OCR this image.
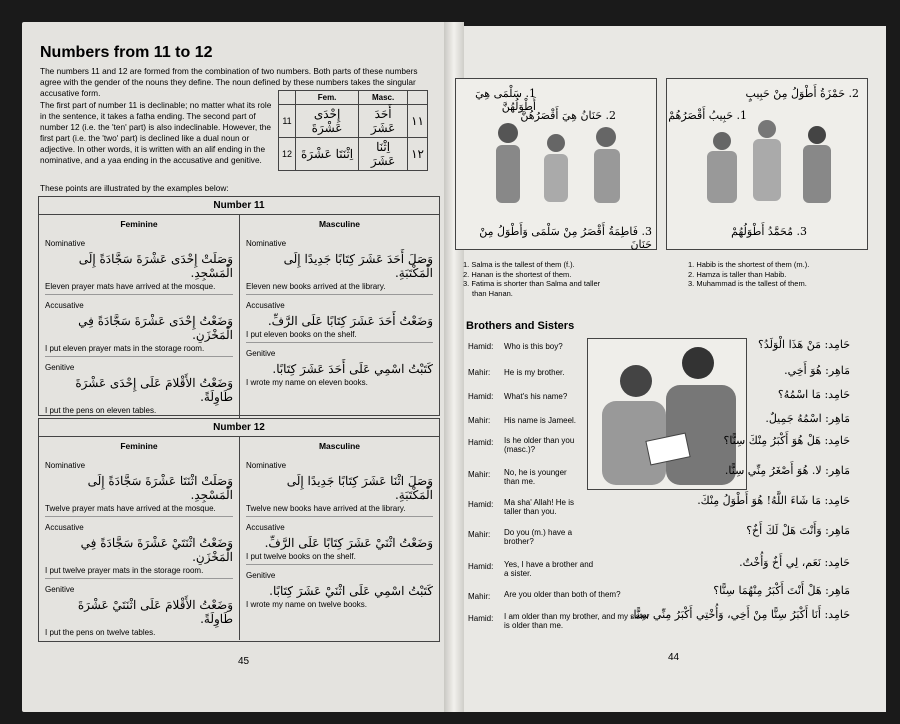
Numbers from 11 to 12
The numbers 11 and 12 are formed from the combination of two numbers. Both parts of these numbers agree with the gender of the nouns they define. The noun defined by these numbers takes the singular accusative form.
The first part of number 11 is declinable; no matter what its role in the sentence, it takes a fatha ending. The second part of number 12 (i.e. the 'ten' part) is also indeclinable. However, the first part (i.e. the 'two' part) is declined like a dual noun or adjective. In other words, it is written with an alif ending in the nominative, and a yaa ending in the accusative and genitive.
These points are illustrated by the examples below:
	Fem.	Masc.	
11	إِحْدَى عَشْرَةَ	أَحَدَ عَشَرَ	١١
12	اِثْنَتَا عَشْرَةَ	اِثْنَا عَشَرَ	١٢
Number 11
Feminine
Nominative
وَصَلَتْ إِحْدَى عَشْرَةَ سَجَّادَةً إِلَى الْمَسْجِدِ.
Eleven prayer mats have arrived at the mosque.
Accusative
وَضَعْتُ إِحْدَى عَشْرَةَ سَجَّادَةً فِي الْمَخْزَنِ.
I put eleven prayer mats in the storage room.
Genitive
وَضَعْتُ الأَقْلامَ عَلَى إِحْدَى عَشْرَةَ طَاوِلَةً.
I put the pens on eleven tables.
Masculine
Nominative
وَصَلَ أَحَدَ عَشَرَ كِتَابًا جَدِيدًا إِلَى الْمَكْتَبَةِ.
Eleven new books arrived at the library.
Accusative
وَضَعْتُ أَحَدَ عَشَرَ كِتَابًا عَلَى الرَّفِّ.
I put eleven books on the shelf.
Genitive
كَتَبْتُ اسْمِي عَلَى أَحَدَ عَشَرَ كِتَابًا.
I wrote my name on eleven books.
Number 12
Feminine
Nominative
وَصَلَتْ اثْنَتَا عَشْرَةَ سَجَّادَةً إِلَى الْمَسْجِدِ.
Twelve prayer mats have arrived at the mosque.
Accusative
وَضَعْتُ اثْنَتَيْ عَشْرَةَ سَجَّادَةً فِي الْمَخْزَنِ.
I put twelve prayer mats in the storage room.
Genitive
وَضَعْتُ الأَقْلامَ عَلَى اثْنَتَيْ عَشْرَةَ طَاوِلَةً.
I put the pens on twelve tables.
Masculine
Nominative
وَصَلَ اثْنَا عَشَرَ كِتَابًا جَدِيدًا إِلَى الْمَكْتَبَةِ.
Twelve new books have arrived at the library.
Accusative
وَضَعْتُ اثْنَيْ عَشَرَ كِتَابًا عَلَى الرَّفِّ.
I put twelve books on the shelf.
Genitive
كَتَبْتُ اسْمِي عَلَى اثْنَيْ عَشَرَ كِتَابًا.
I wrote my name on twelve books.
45
1. سَلْمَى هِيَ أَطْوَلُهُنَّ
2. حَنَانُ هِيَ أَقْصَرُهُنَّ
3. فَاطِمَةُ أَقْصَرُ مِنْ سَلْمَى وَأَطْوَلُ مِنْ حَنَانَ
2. حَمْزَةُ أَطْوَلُ مِنْ حَبِيبٍ
1. حَبِيبُ أَقْصَرُهُمْ
3. مُحَمَّدُ أَطْوَلُهُمْ
1. Salma is the tallest of them (f.).
2. Hanan is the shortest of them.
3. Fatima is shorter than Salma and taller
than Hanan.
1. Habib is the shortest of them (m.).
2. Hamza is taller than Habib.
3. Muhammad is the tallest of them.
Brothers and Sisters
Hamid: Who is this boy?	حَامِد: مَنْ هَذَا الْوَلَدُ؟
Mahir: He is my brother.	مَاهِر: هُوَ أَخِي.
Hamid: What's his name?	حَامِد: مَا اسْمُهُ؟
Mahir: His name is Jameel.	مَاهِر: اسْمُهُ جَمِيلٌ.
Hamid: Is he older than you (masc.)?
حَامِد: هَلْ هُوَ أَكْبَرُ مِنْكَ سِنًّا؟
Mahir: No, he is younger than me.
مَاهِر: لا. هُوَ أَصْغَرُ مِنِّي سِنًّا.
Hamid: Ma sha' Allah! He is taller than you.
حَامِد: مَا شَاءَ اللَّهُ! هُوَ أَطْوَلُ مِنْكَ.
Mahir: Do you (m.) have a brother?
مَاهِر: وَأَنْتَ هَلْ لَكَ أَخٌ؟
Hamid: Yes, I have a brother and a sister.
حَامِد: نَعَم، لِي أَخٌ وَأُخْتٌ.
Mahir: Are you older than both of them?	مَاهِر: هَلْ أَنْتَ أَكْبَرُ مِنْهُمَا سِنًّا؟
Hamid: I am older than my brother, and my sister is older than me.
حَامِد: أَنَا أَكْبَرُ سِنًّا مِنْ أَخِي، وَأُخْتِي أَكْبَرُ مِنِّي سِنًّا.
44
